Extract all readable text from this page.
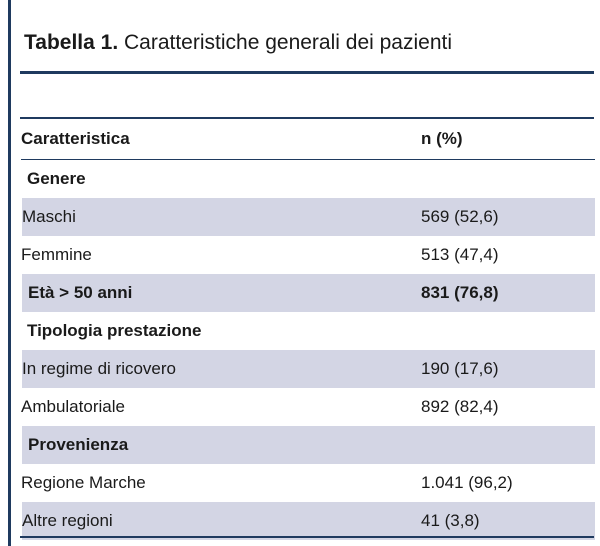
Tabella 1. Caratteristiche generali dei pazienti
Caratteristica	n (%)
Genere	
Maschi	569 (52,6)
Femmine	513 (47,4)
Età > 50 anni	831 (76,8)
Tipologia prestazione	
In regime di ricovero	190 (17,6)
Ambulatoriale	892 (82,4)
Provenienza	
Regione Marche	1.041 (96,2)
Altre regioni	41 (3,8)
